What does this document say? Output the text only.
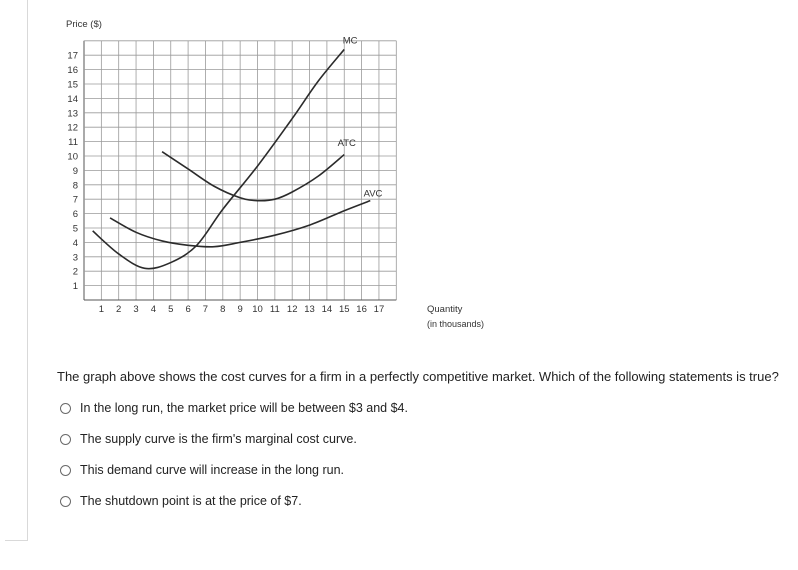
Price ($)
1
2
3
4
5
6
7
8
9
10
11
12
13
14
15
16
17
1 2 3 4 5 6 7 8 9 10 11 12 13 14 15 16 17	Quantity
(in thousands)
MC
ATC
AVC
The graph above shows the cost curves for a firm in a perfectly competitive market. Which of the following statements is true?
In the long run, the market price will be between $3 and $4.
The supply curve is the firm's marginal cost curve.
This demand curve will increase in the long run.
The shutdown point is at the price of $7.
